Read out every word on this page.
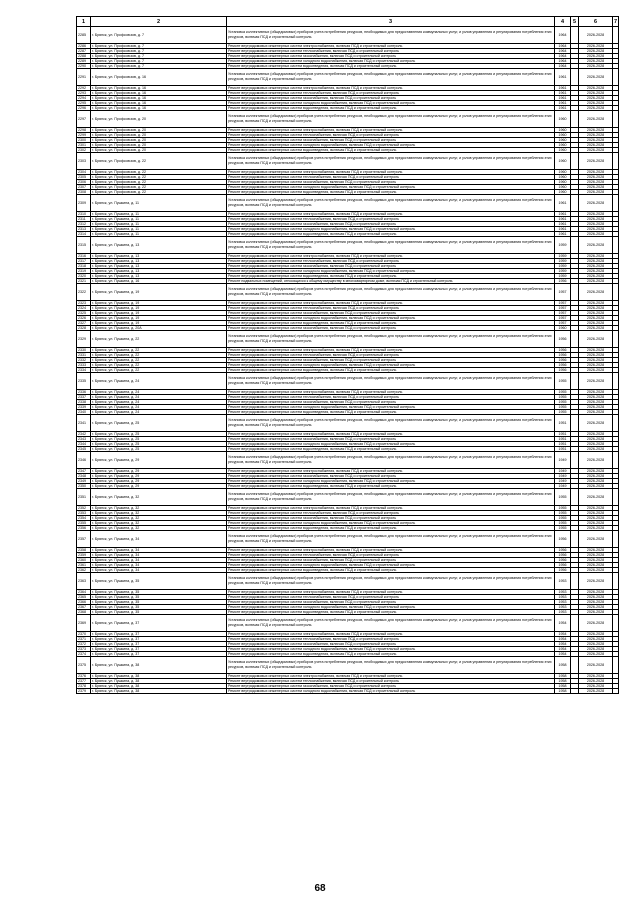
1	2	3	4	5	6	7
2285	г. Брянск, ул. Профсоюзов, д. 7	Установка коллективных (общедомовых) приборов учета потребления ресурсов, необходимых для предоставления коммунальных услуг, и узлов управления и регулирования потребления этих ресурсов, включая ПСД и строительный контроль	1964		2026-2028	
2286	г. Брянск, ул. Профсоюзов, д. 7	Ремонт внутридомовых инженерных систем электроснабжения, включая ПСД и строительный контроль	1964		2026-2028	
2287	г. Брянск, ул. Профсоюзов, д. 7	Ремонт внутридомовых инженерных систем теплоснабжения, включая ПСД и строительный контроль	1964		2026-2028	
2288	г. Брянск, ул. Профсоюзов, д. 7	Ремонт внутридомовых инженерных систем газоснабжения, включая ПСД и строительный контроль	1964		2026-2028	
2289	г. Брянск, ул. Профсоюзов, д. 7	Ремонт внутридомовых инженерных систем холодного водоснабжения, включая ПСД и строительный контроль	1964		2026-2028	
2290	г. Брянск, ул. Профсоюзов, д. 7	Ремонт внутридомовых инженерных систем водоотведения, включая ПСД и строительный контроль	1964		2026-2028	
2291	г. Брянск, ул. Профсоюзов, д. 16	Установка коллективных (общедомовых) приборов учета потребления ресурсов, необходимых для предоставления коммунальных услуг, и узлов управления и регулирования потребления этих ресурсов, включая ПСД и строительный контроль	1961		2026-2028	
2292	г. Брянск, ул. Профсоюзов, д. 16	Ремонт внутридомовых инженерных систем электроснабжения, включая ПСД и строительный контроль	1961		2026-2028	
2293	г. Брянск, ул. Профсоюзов, д. 16	Ремонт внутридомовых инженерных систем теплоснабжения, включая ПСД и строительный контроль	1961		2026-2028	
2294	г. Брянск, ул. Профсоюзов, д. 16	Ремонт внутридомовых инженерных систем газоснабжения, включая ПСД и строительный контроль	1961		2026-2028	
2295	г. Брянск, ул. Профсоюзов, д. 16	Ремонт внутридомовых инженерных систем холодного водоснабжения, включая ПСД и строительный контроль	1961		2026-2028	
2296	г. Брянск, ул. Профсоюзов, д. 16	Ремонт внутридомовых инженерных систем водоотведения, включая ПСД и строительный контроль	1961		2026-2028	
2297	г. Брянск, ул. Профсоюзов, д. 20	Установка коллективных (общедомовых) приборов учета потребления ресурсов, необходимых для предоставления коммунальных услуг, и узлов управления и регулирования потребления этих ресурсов, включая ПСД и строительный контроль	1960		2026-2028	
2298	г. Брянск, ул. Профсоюзов, д. 20	Ремонт внутридомовых инженерных систем электроснабжения, включая ПСД и строительный контроль	1960		2026-2028	
2299	г. Брянск, ул. Профсоюзов, д. 20	Ремонт внутридомовых инженерных систем теплоснабжения, включая ПСД и строительный контроль	1960		2026-2028	
2300	г. Брянск, ул. Профсоюзов, д. 20	Ремонт внутридомовых инженерных систем газоснабжения, включая ПСД и строительный контроль	1960		2026-2028	
2301	г. Брянск, ул. Профсоюзов, д. 20	Ремонт внутридомовых инженерных систем холодного водоснабжения, включая ПСД и строительный контроль	1960		2026-2028	
2302	г. Брянск, ул. Профсоюзов, д. 20	Ремонт внутридомовых инженерных систем водоотведения, включая ПСД и строительный контроль	1960		2026-2028	
2303	г. Брянск, ул. Профсоюзов, д. 22	Установка коллективных (общедомовых) приборов учета потребления ресурсов, необходимых для предоставления коммунальных услуг, и узлов управления и регулирования потребления этих ресурсов, включая ПСД и строительный контроль	1960		2026-2028	
2304	г. Брянск, ул. Профсоюзов, д. 22	Ремонт внутридомовых инженерных систем электроснабжения, включая ПСД и строительный контроль	1960		2026-2028	
2305	г. Брянск, ул. Профсоюзов, д. 22	Ремонт внутридомовых инженерных систем теплоснабжения, включая ПСД и строительный контроль	1960		2026-2028	
2306	г. Брянск, ул. Профсоюзов, д. 22	Ремонт внутридомовых инженерных систем газоснабжения, включая ПСД и строительный контроль	1960		2026-2028	
2307	г. Брянск, ул. Профсоюзов, д. 22	Ремонт внутридомовых инженерных систем холодного водоснабжения, включая ПСД и строительный контроль	1960		2026-2028	
2308	г. Брянск, ул. Профсоюзов, д. 22	Ремонт внутридомовых инженерных систем водоотведения, включая ПСД и строительный контроль	1960		2026-2028	
2309	г. Брянск, ул. Пушкина, д. 11	Установка коллективных (общедомовых) приборов учета потребления ресурсов, необходимых для предоставления коммунальных услуг, и узлов управления и регулирования потребления этих ресурсов, включая ПСД и строительный контроль	1961		2026-2028	
2310	г. Брянск, ул. Пушкина, д. 11	Ремонт внутридомовых инженерных систем электроснабжения, включая ПСД и строительный контроль	1961		2026-2028	
2311	г. Брянск, ул. Пушкина, д. 11	Ремонт внутридомовых инженерных систем теплоснабжения, включая ПСД и строительный контроль	1961		2026-2028	
2312	г. Брянск, ул. Пушкина, д. 11	Ремонт внутридомовых инженерных систем газоснабжения, включая ПСД и строительный контроль	1961		2026-2028	
2313	г. Брянск, ул. Пушкина, д. 11	Ремонт внутридомовых инженерных систем холодного водоснабжения, включая ПСД и строительный контроль	1961		2026-2028	
2314	г. Брянск, ул. Пушкина, д. 11	Ремонт внутридомовых инженерных систем водоотведения, включая ПСД и строительный контроль	1961		2026-2028	
2315	г. Брянск, ул. Пушкина, д. 13	Установка коллективных (общедомовых) приборов учета потребления ресурсов, необходимых для предоставления коммунальных услуг, и узлов управления и регулирования потребления этих ресурсов, включая ПСД и строительный контроль	1959		2026-2028	
2316	г. Брянск, ул. Пушкина, д. 13	Ремонт внутридомовых инженерных систем электроснабжения, включая ПСД и строительный контроль	1959		2026-2028	
2317	г. Брянск, ул. Пушкина, д. 13	Ремонт внутридомовых инженерных систем теплоснабжения, включая ПСД и строительный контроль	1959		2026-2028	
2318	г. Брянск, ул. Пушкина, д. 13	Ремонт внутридомовых инженерных систем газоснабжения, включая ПСД и строительный контроль	1959		2026-2028	
2319	г. Брянск, ул. Пушкина, д. 13	Ремонт внутридомовых инженерных систем холодного водоснабжения, включая ПСД и строительный контроль	1959		2026-2028	
2320	г. Брянск, ул. Пушкина, д. 13	Ремонт внутридомовых инженерных систем водоотведения, включая ПСД и строительный контроль	1959		2026-2028	
2321	г. Брянск, ул. Пушкина, д. 16	Ремонт подвальных помещений, относящихся к общему имуществу в многоквартирном доме, включая ПСД и строительный контроль	1956		2026-2028	
2322	г. Брянск, ул. Пушкина, д. 19	Установка коллективных (общедомовых) приборов учета потребления ресурсов, необходимых для предоставления коммунальных услуг, и узлов управления и регулирования потребления этих ресурсов, включая ПСД и строительный контроль	1957		2026-2028	
2323	г. Брянск, ул. Пушкина, д. 19	Ремонт внутридомовых инженерных систем электроснабжения, включая ПСД и строительный контроль	1957		2026-2028	
2324	г. Брянск, ул. Пушкина, д. 19	Ремонт внутридомовых инженерных систем теплоснабжения, включая ПСД и строительный контроль	1957		2026-2028	
2325	г. Брянск, ул. Пушкина, д. 19	Ремонт внутридомовых инженерных систем газоснабжения, включая ПСД и строительный контроль	1957		2026-2028	
2326	г. Брянск, ул. Пушкина, д. 19	Ремонт внутридомовых инженерных систем холодного водоснабжения, включая ПСД и строительный контроль	1957		2026-2028	
2327	г. Брянск, ул. Пушкина, д. 19	Ремонт внутридомовых инженерных систем водоотведения, включая ПСД и строительный контроль	1957		2026-2028	
2328	г. Брянск, ул. Пушкина, д. 20А	Ремонт внутридомовых инженерных систем газоснабжения, включая ПСД и строительный контроль	1960		2026-2028	
2329	г. Брянск, ул. Пушкина, д. 22	Установка коллективных (общедомовых) приборов учета потребления ресурсов, необходимых для предоставления коммунальных услуг, и узлов управления и регулирования потребления этих ресурсов, включая ПСД и строительный контроль	1956		2026-2028	
2330	г. Брянск, ул. Пушкина, д. 22	Ремонт внутридомовых инженерных систем электроснабжения, включая ПСД и строительный контроль	1956		2026-2028	
2331	г. Брянск, ул. Пушкина, д. 22	Ремонт внутридомовых инженерных систем теплоснабжения, включая ПСД и строительный контроль	1956		2026-2028	
2332	г. Брянск, ул. Пушкина, д. 22	Ремонт внутридомовых инженерных систем газоснабжения, включая ПСД и строительный контроль	1956		2026-2028	
2333	г. Брянск, ул. Пушкина, д. 22	Ремонт внутридомовых инженерных систем холодного водоснабжения, включая ПСД и строительный контроль	1956		2026-2028	
2334	г. Брянск, ул. Пушкина, д. 22	Ремонт внутридомовых инженерных систем водоотведения, включая ПСД и строительный контроль	1956		2026-2028	
2335	г. Брянск, ул. Пушкина, д. 24	Установка коллективных (общедомовых) приборов учета потребления ресурсов, необходимых для предоставления коммунальных услуг, и узлов управления и регулирования потребления этих ресурсов, включая ПСД и строительный контроль	1955		2026-2028	
2336	г. Брянск, ул. Пушкина, д. 24	Ремонт внутридомовых инженерных систем электроснабжения, включая ПСД и строительный контроль	1955		2026-2028	
2337	г. Брянск, ул. Пушкина, д. 24	Ремонт внутридомовых инженерных систем теплоснабжения, включая ПСД и строительный контроль	1955		2026-2028	
2338	г. Брянск, ул. Пушкина, д. 24	Ремонт внутридомовых инженерных систем газоснабжения, включая ПСД и строительный контроль	1955		2026-2028	
2339	г. Брянск, ул. Пушкина, д. 24	Ремонт внутридомовых инженерных систем холодного водоснабжения, включая ПСД и строительный контроль	1955		2026-2028	
2340	г. Брянск, ул. Пушкина, д. 24	Ремонт внутридомовых инженерных систем водоотведения, включая ПСД и строительный контроль	1955		2026-2028	
2341	г. Брянск, ул. Пушкина, д. 25	Установка коллективных (общедомовых) приборов учета потребления ресурсов, необходимых для предоставления коммунальных услуг, и узлов управления и регулирования потребления этих ресурсов, включая ПСД и строительный контроль	1951		2026-2028	
2342	г. Брянск, ул. Пушкина, д. 25	Ремонт внутридомовых инженерных систем электроснабжения, включая ПСД и строительный контроль	1951		2026-2028	
2343	г. Брянск, ул. Пушкина, д. 25	Ремонт внутридомовых инженерных систем газоснабжения, включая ПСД и строительный контроль	1951		2026-2028	
2344	г. Брянск, ул. Пушкина, д. 25	Ремонт внутридомовых инженерных систем холодного водоснабжения, включая ПСД и строительный контроль	1951		2026-2028	
2345	г. Брянск, ул. Пушкина, д. 25	Ремонт внутридомовых инженерных систем водоотведения, включая ПСД и строительный контроль	1951		2026-2028	
2346	г. Брянск, ул. Пушкина, д. 29	Установка коллективных (общедомовых) приборов учета потребления ресурсов, необходимых для предоставления коммунальных услуг, и узлов управления и регулирования потребления этих ресурсов, включая ПСД и строительный контроль	1949		2026-2028	
2347	г. Брянск, ул. Пушкина, д. 29	Ремонт внутридомовых инженерных систем электроснабжения, включая ПСД и строительный контроль	1949		2026-2028	
2348	г. Брянск, ул. Пушкина, д. 29	Ремонт внутридомовых инженерных систем газоснабжения, включая ПСД и строительный контроль	1949		2026-2028	
2349	г. Брянск, ул. Пушкина, д. 29	Ремонт внутридомовых инженерных систем холодного водоснабжения, включая ПСД и строительный контроль	1949		2026-2028	
2350	г. Брянск, ул. Пушкина, д. 29	Ремонт внутридомовых инженерных систем водоотведения, включая ПСД и строительный контроль	1949		2026-2028	
2351	г. Брянск, ул. Пушкина, д. 32	Установка коллективных (общедомовых) приборов учета потребления ресурсов, необходимых для предоставления коммунальных услуг, и узлов управления и регулирования потребления этих ресурсов, включая ПСД и строительный контроль	1955		2026-2028	
2352	г. Брянск, ул. Пушкина, д. 32	Ремонт внутридомовых инженерных систем электроснабжения, включая ПСД и строительный контроль	1955		2026-2028	
2353	г. Брянск, ул. Пушкина, д. 32	Ремонт внутридомовых инженерных систем теплоснабжения, включая ПСД и строительный контроль	1955		2026-2028	
2354	г. Брянск, ул. Пушкина, д. 32	Ремонт внутридомовых инженерных систем газоснабжения, включая ПСД и строительный контроль	1955		2026-2028	
2355	г. Брянск, ул. Пушкина, д. 32	Ремонт внутридомовых инженерных систем холодного водоснабжения, включая ПСД и строительный контроль	1955		2026-2028	
2356	г. Брянск, ул. Пушкина, д. 32	Ремонт внутридомовых инженерных систем водоотведения, включая ПСД и строительный контроль	1955		2026-2028	
2357	г. Брянск, ул. Пушкина, д. 34	Установка коллективных (общедомовых) приборов учета потребления ресурсов, необходимых для предоставления коммунальных услуг, и узлов управления и регулирования потребления этих ресурсов, включая ПСД и строительный контроль	1956		2026-2028	
2358	г. Брянск, ул. Пушкина, д. 34	Ремонт внутридомовых инженерных систем электроснабжения, включая ПСД и строительный контроль	1956		2026-2028	
2359	г. Брянск, ул. Пушкина, д. 34	Ремонт внутридомовых инженерных систем теплоснабжения, включая ПСД и строительный контроль	1956		2026-2028	
2360	г. Брянск, ул. Пушкина, д. 34	Ремонт внутридомовых инженерных систем газоснабжения, включая ПСД и строительный контроль	1956		2026-2028	
2361	г. Брянск, ул. Пушкина, д. 34	Ремонт внутридомовых инженерных систем холодного водоснабжения, включая ПСД и строительный контроль	1956		2026-2028	
2362	г. Брянск, ул. Пушкина, д. 34	Ремонт внутридомовых инженерных систем водоотведения, включая ПСД и строительный контроль	1956		2026-2028	
2363	г. Брянск, ул. Пушкина, д. 35	Установка коллективных (общедомовых) приборов учета потребления ресурсов, необходимых для предоставления коммунальных услуг, и узлов управления и регулирования потребления этих ресурсов, включая ПСД и строительный контроль	1953		2026-2028	
2364	г. Брянск, ул. Пушкина, д. 35	Ремонт внутридомовых инженерных систем электроснабжения, включая ПСД и строительный контроль	1953		2026-2028	
2365	г. Брянск, ул. Пушкина, д. 35	Ремонт внутридомовых инженерных систем теплоснабжения, включая ПСД и строительный контроль	1953		2026-2028	
2366	г. Брянск, ул. Пушкина, д. 35	Ремонт внутридомовых инженерных систем газоснабжения, включая ПСД и строительный контроль	1953		2026-2028	
2367	г. Брянск, ул. Пушкина, д. 35	Ремонт внутридомовых инженерных систем холодного водоснабжения, включая ПСД и строительный контроль	1953		2026-2028	
2368	г. Брянск, ул. Пушкина, д. 35	Ремонт внутридомовых инженерных систем водоотведения, включая ПСД и строительный контроль	1953		2026-2028	
2369	г. Брянск, ул. Пушкина, д. 37	Установка коллективных (общедомовых) приборов учета потребления ресурсов, необходимых для предоставления коммунальных услуг, и узлов управления и регулирования потребления этих ресурсов, включая ПСД и строительный контроль	1954		2026-2028	
2370	г. Брянск, ул. Пушкина, д. 37	Ремонт внутридомовых инженерных систем электроснабжения, включая ПСД и строительный контроль	1954		2026-2028	
2371	г. Брянск, ул. Пушкина, д. 37	Ремонт внутридомовых инженерных систем теплоснабжения, включая ПСД и строительный контроль	1954		2026-2028	
2372	г. Брянск, ул. Пушкина, д. 37	Ремонт внутридомовых инженерных систем газоснабжения, включая ПСД и строительный контроль	1954		2026-2028	
2373	г. Брянск, ул. Пушкина, д. 37	Ремонт внутридомовых инженерных систем холодного водоснабжения, включая ПСД и строительный контроль	1954		2026-2028	
2374	г. Брянск, ул. Пушкина, д. 37	Ремонт внутридомовых инженерных систем водоотведения, включая ПСД и строительный контроль	1954		2026-2028	
2375	г. Брянск, ул. Пушкина, д. 38	Установка коллективных (общедомовых) приборов учета потребления ресурсов, необходимых для предоставления коммунальных услуг, и узлов управления и регулирования потребления этих ресурсов, включая ПСД и строительный контроль	1958		2026-2028	
2376	г. Брянск, ул. Пушкина, д. 38	Ремонт внутридомовых инженерных систем электроснабжения, включая ПСД и строительный контроль	1958		2026-2028	
2377	г. Брянск, ул. Пушкина, д. 38	Ремонт внутридомовых инженерных систем теплоснабжения, включая ПСД и строительный контроль	1958		2026-2028	
2378	г. Брянск, ул. Пушкина, д. 38	Ремонт внутридомовых инженерных систем газоснабжения, включая ПСД и строительный контроль	1958		2026-2028	
2379	г. Брянск, ул. Пушкина, д. 38	Ремонт внутридомовых инженерных систем холодного водоснабжения, включая ПСД и строительный контроль	1958		2026-2028	
68
